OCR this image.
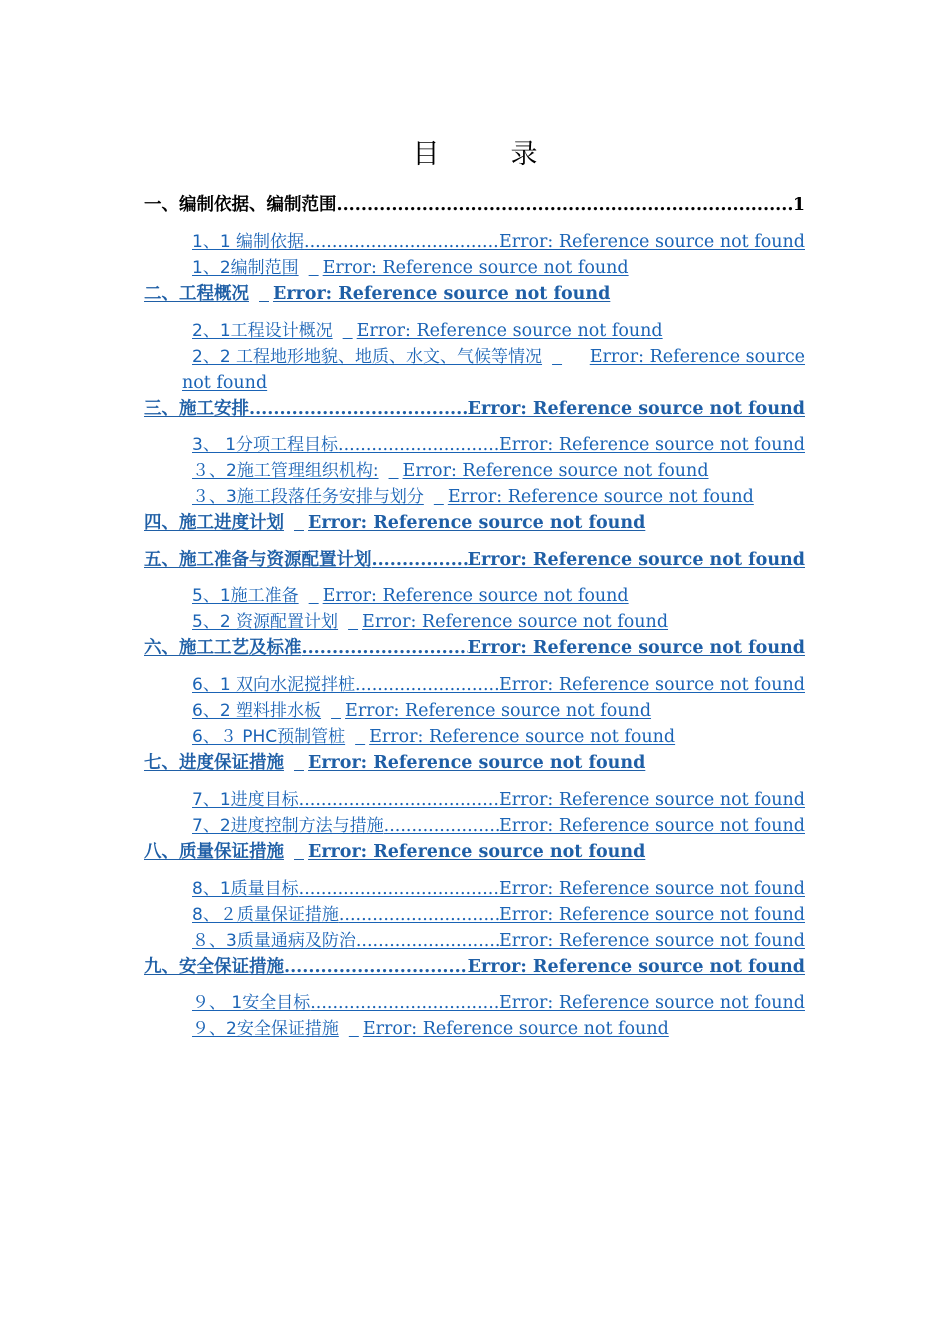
目　录
一、编制依据、编制范围 .....	1
1、1 编制依据 .....	Error: Reference source not found
1、2编制范围 Error: Reference source not found
二、工程概况 Error: Reference source not found
2、1工程设计概况 Error: Reference source not found
2、2 工程地形地貌、地质、水文、气候等情况	Error: Reference source
not found
三、施工安排 .....	Error: Reference source not found
3、 1分项工程目标 .....	Error: Reference source not found
３、2施工管理组织机构: Error: Reference source not found
３、3施工段落任务安排与划分 Error: Reference source not found
四、施工进度计划 Error: Reference source not found
五、施工准备与资源配置计划 .....	Error: Reference source not found
5、1施工准备 Error: Reference source not found
5、2 资源配置计划 Error: Reference source not found
六、施工工艺及标准 .....	Error: Reference source not found
6、1 双向水泥搅拌桩 .....	Error: Reference source not found
6、2 塑料排水板 Error: Reference source not found
6、３ PHC预制管桩 Error: Reference source not found
七、进度保证措施 Error: Reference source not found
7、1进度目标 .....	Error: Reference source not found
7、2进度控制方法与措施 .....	Error: Reference source not found
八、质量保证措施 Error: Reference source not found
8、1质量目标 .....	Error: Reference source not found
8、２质量保证措施 .....	Error: Reference source not found
８、3质量通病及防治 .....	Error: Reference source not found
九、安全保证措施 .....	Error: Reference source not found
９、 1安全目标 .....	Error: Reference source not found
９、2安全保证措施 Error: Reference source not found
